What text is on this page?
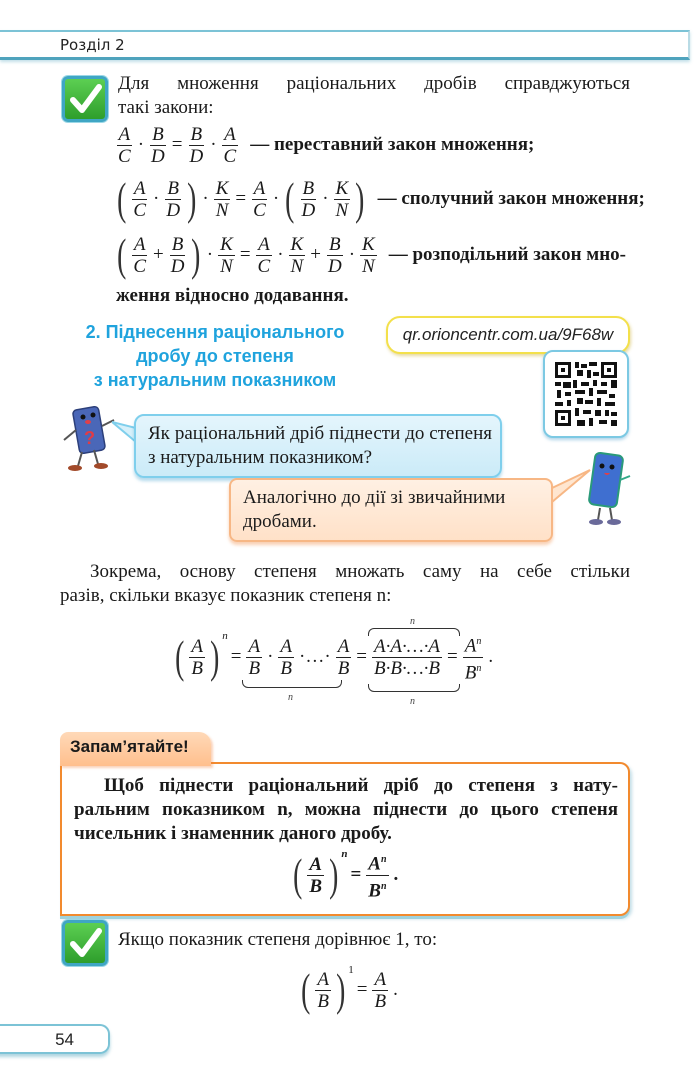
Розділ 2
Для множення раціональних дробів справджуються
такі закони:
$\frac{A}{C} \cdot \frac{B}{D} = \frac{B}{D} \cdot \frac{A}{C}$ — переставний закон множення;
( $\frac{A}{C} \cdot \frac{B}{D}$ ) · $\frac{K}{N} = \frac{A}{C}$ · ( $\frac{B}{D} \cdot \frac{K}{N}$ ) — сполучний закон множення;
( $\frac{A}{C} + \frac{B}{D}$ ) · $\frac{K}{N} = \frac{A}{C} \cdot \frac{K}{N} + \frac{B}{D} \cdot \frac{K}{N}$ — розподільний закон мно-
ження відносно додавання.
2. Піднесення раціонального
дробу до степеня
з натуральним показником
qr.orioncentr.com.ua/9F68w
?	Як раціональний дріб піднести до степеня з натуральним показником?
Аналогічно до дії зі звичайними дробами.
Зокрема, основу степеня множать саму на себе стільки
разів, скільки вказує показник степеня n:
( $\frac{A}{B}$ ) n
= $\frac{A}{B} \cdot \frac{A}{B}$ ·…· $\frac{A}{B} = \frac{A\cdot A\cdot\dots\cdot A}{B\cdot B\cdot\dots\cdot B} = \frac{A^n}{B^n}$ .
n
n
n
Щоб піднести раціональний дріб до степеня з нату-
ральним показником n, можна піднести до цього степеня
чисельник і знаменник даного дробу.
( $\frac{A}{B}$ ) n
= $\frac{A^n}{B^n}$ .
Запам’ятайте!
Якщо показник степеня дорівнює 1, то:
( $\frac{A}{B}$ ) 1
= $\frac{A}{B}$ .
54
